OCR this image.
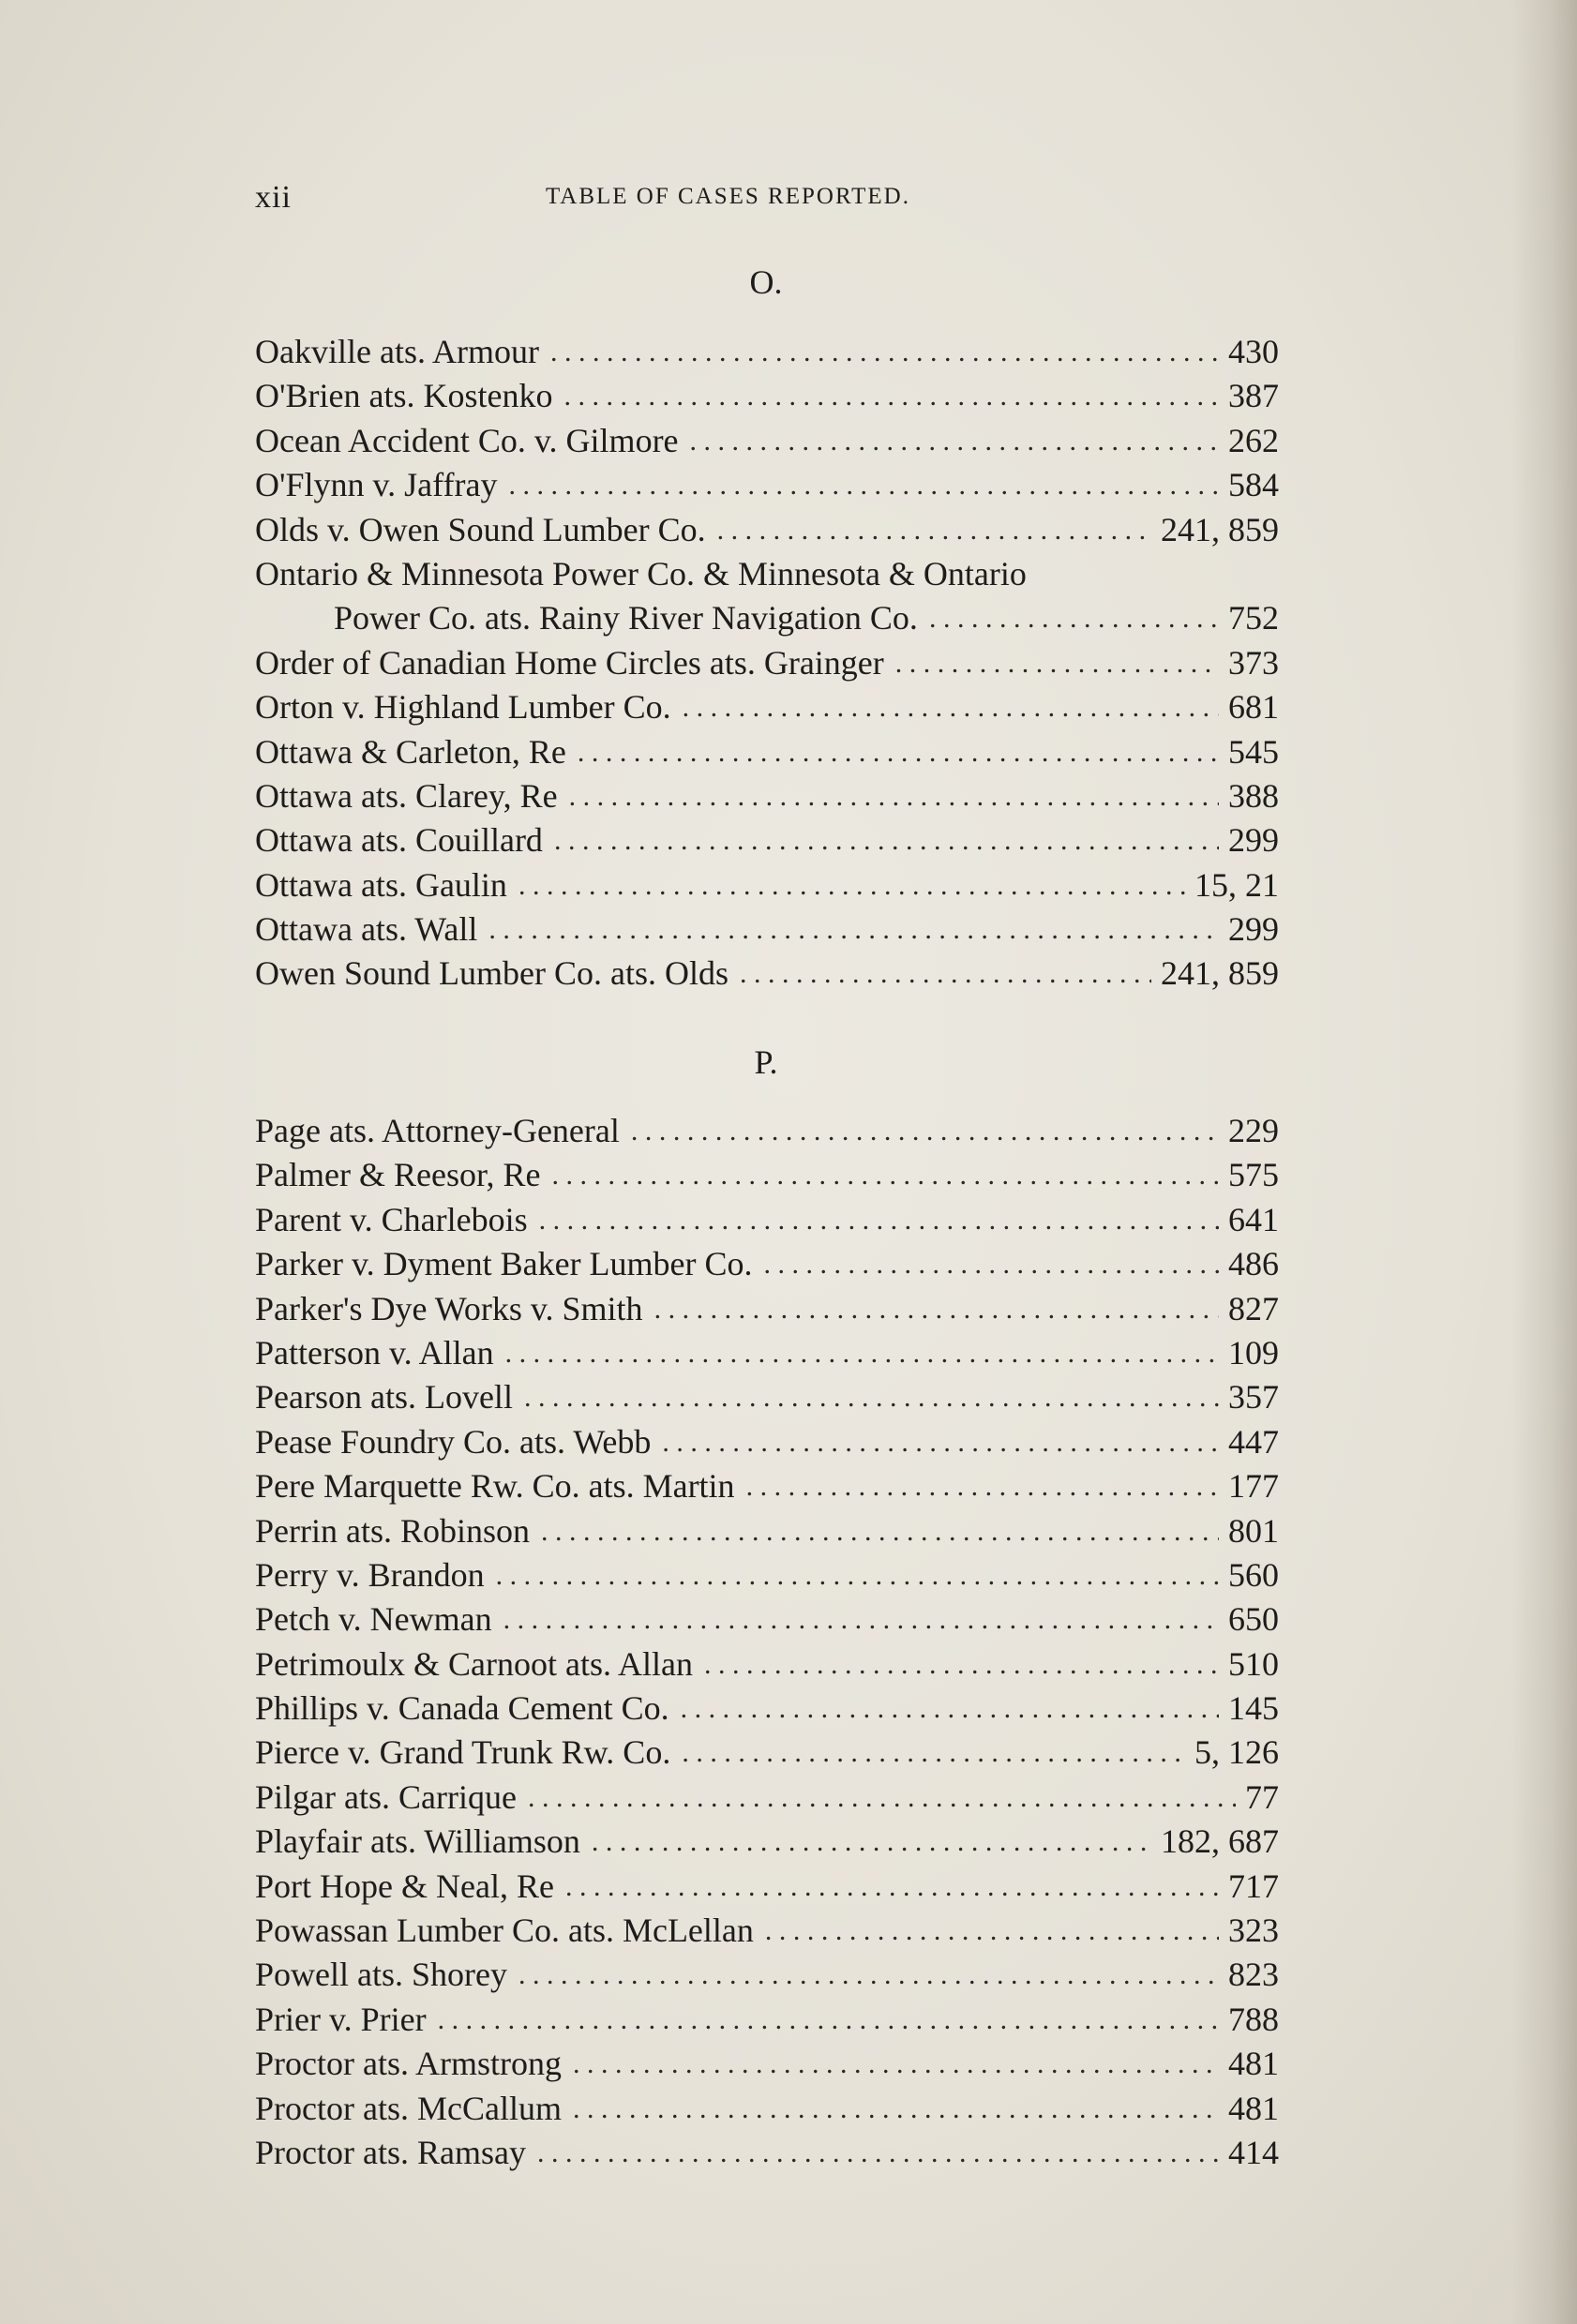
xii	TABLE OF CASES REPORTED.
O.
Oakville ats. Armour . . .	430
O'Brien ats. Kostenko . . .	387
Ocean Accident Co. v. Gilmore . . .	262
O'Flynn v. Jaffray . . .	584
Olds v. Owen Sound Lumber Co. . . .	241, 859
Ontario & Minnesota Power Co. & Minnesota & Ontario
Power Co. ats. Rainy River Navigation Co. . . .	752
Order of Canadian Home Circles ats. Grainger . . .	373
Orton v. Highland Lumber Co. . . .	681
Ottawa & Carleton, Re . . .	545
Ottawa ats. Clarey, Re . . .	388
Ottawa ats. Couillard . . .	299
Ottawa ats. Gaulin . . .	15, 21
Ottawa ats. Wall . . .	299
Owen Sound Lumber Co. ats. Olds . . .	241, 859
P.
Page ats. Attorney-General . . .	229
Palmer & Reesor, Re . . .	575
Parent v. Charlebois . . .	641
Parker v. Dyment Baker Lumber Co. . . .	486
Parker's Dye Works v. Smith . . .	827
Patterson v. Allan . . .	109
Pearson ats. Lovell . . .	357
Pease Foundry Co. ats. Webb . . .	447
Pere Marquette Rw. Co. ats. Martin . . .	177
Perrin ats. Robinson . . .	801
Perry v. Brandon . . .	560
Petch v. Newman . . .	650
Petrimoulx & Carnoot ats. Allan . . .	510
Phillips v. Canada Cement Co. . . .	145
Pierce v. Grand Trunk Rw. Co. . . .	5, 126
Pilgar ats. Carrique . . .	77
Playfair ats. Williamson . . .	182, 687
Port Hope & Neal, Re . . .	717
Powassan Lumber Co. ats. McLellan . . .	323
Powell ats. Shorey . . .	823
Prier v. Prier . . .	788
Proctor ats. Armstrong . . .	481
Proctor ats. McCallum . . .	481
Proctor ats. Ramsay . . .	414
